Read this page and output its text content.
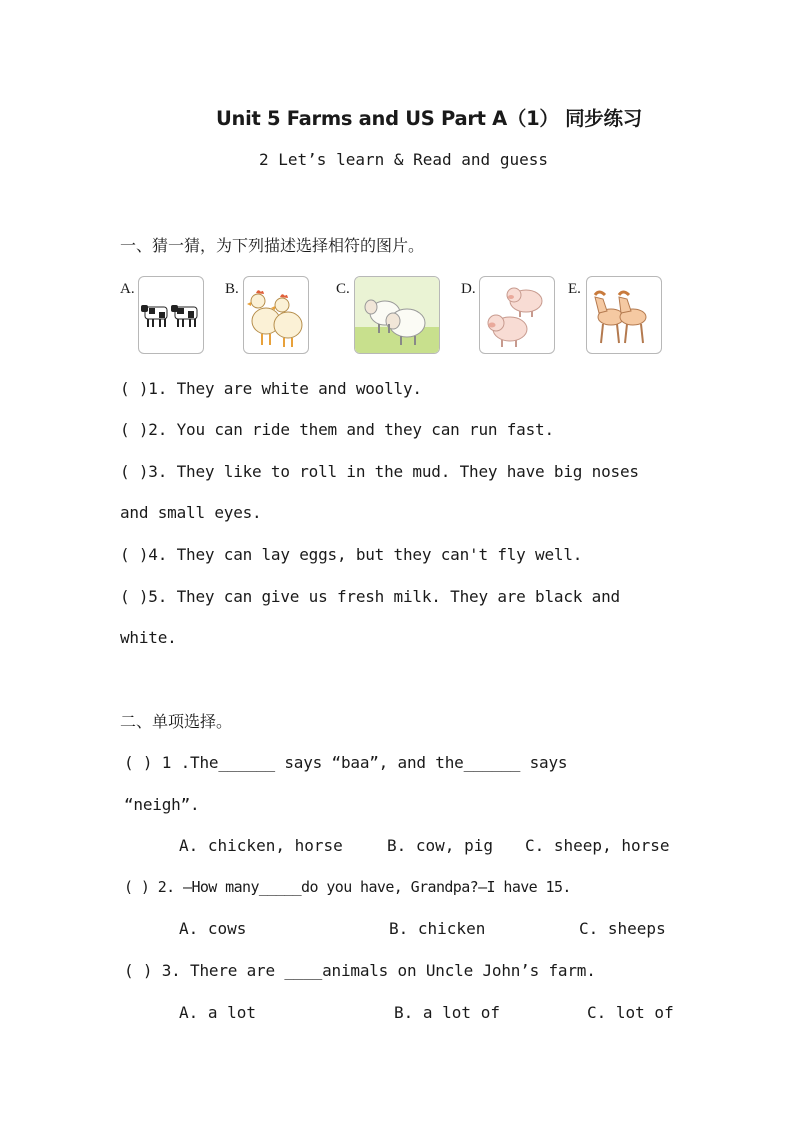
Unit 5 Farms and US Part A（1） 同步练习
2 Let’s learn & Read and guess
一、猜一猜，为下列描述选择相符的图片。
A.	B.	C.	D.	E.
( )1. They are white and woolly.
( )2. You can ride them and they can run fast.
( )3. They like to roll in the mud. They have big noses
and small eyes.
( )4. They can lay eggs, but they can't fly well.
( )5. They can give us fresh milk. They are black and
white.
二、单项选择。
( ) 1 .The______ says “baa”, and the______ says
“neigh”.
A. chicken, horse	B. cow, pig C. sheep, horse
( ) 2. —How many_____do you have, Grandpa?—I have 15.
A. cows	B. chicken	C. sheeps
( ) 3. There are ____animals on Uncle John’s farm.
A. a lot	B. a lot of	C. lot of
